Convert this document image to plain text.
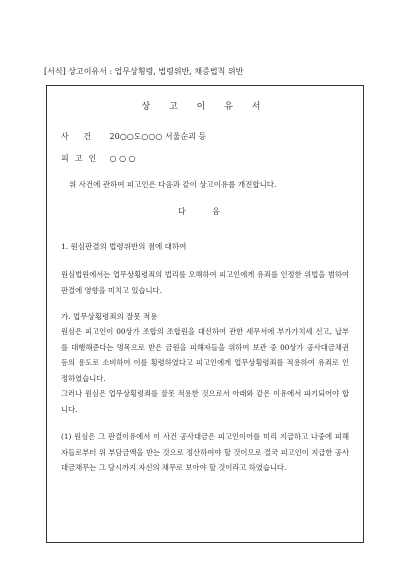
[서식] 상고이유서 : 업무상횡령, 법령위반, 채증법칙 위반
상 고 이 유 서
사 건 20○○도○○○ 서울순괴 등
피고인 ○ ○ ○
위 사건에 관하여 피고인은 다음과 같이 상고이유를 개진합니다.
다 음
1. 원심판결의 법령위반의 점에 대하여
원심법원에서는 업무상횡령죄의 법리를 오해하여 피고인에게 유죄를 인정한 위법을 범하여 판결에 영향을 미치고 있습니다.
가. 업무상횡령죄의 잘못 적용

원심은 피고인이 00상가 조합의 조합원을 대신하여 관한 세무서에 부가가치세 신고, 납부를 대행해준다는 명목으로 받은 금원을 피해자들을 위하여 보관 중 00상가 공사대금채권 등의 용도로 소비하여 이를 횡령하였다고 피고인에게 업무상횡령죄를 적용하여 유죄로 인정하였습니다.

그러나 원심은 업무상횡령죄를 잘못 적용한 것으로서 아래와 같은 이유에서 파기되어야 합니다.

(1) 원심은 그 판결이유에서 이 사건 공사대금은 피고인이어를 미리 지급하고 나중에 피해자들로부터 위 부담금액을 받는 것으로 정산하여야 할 것이므로 결국 피고인이 지급한 공사대금채무는 그 당시까지 자신의 채무로 보아야 할 것이라고 하였습니다.
